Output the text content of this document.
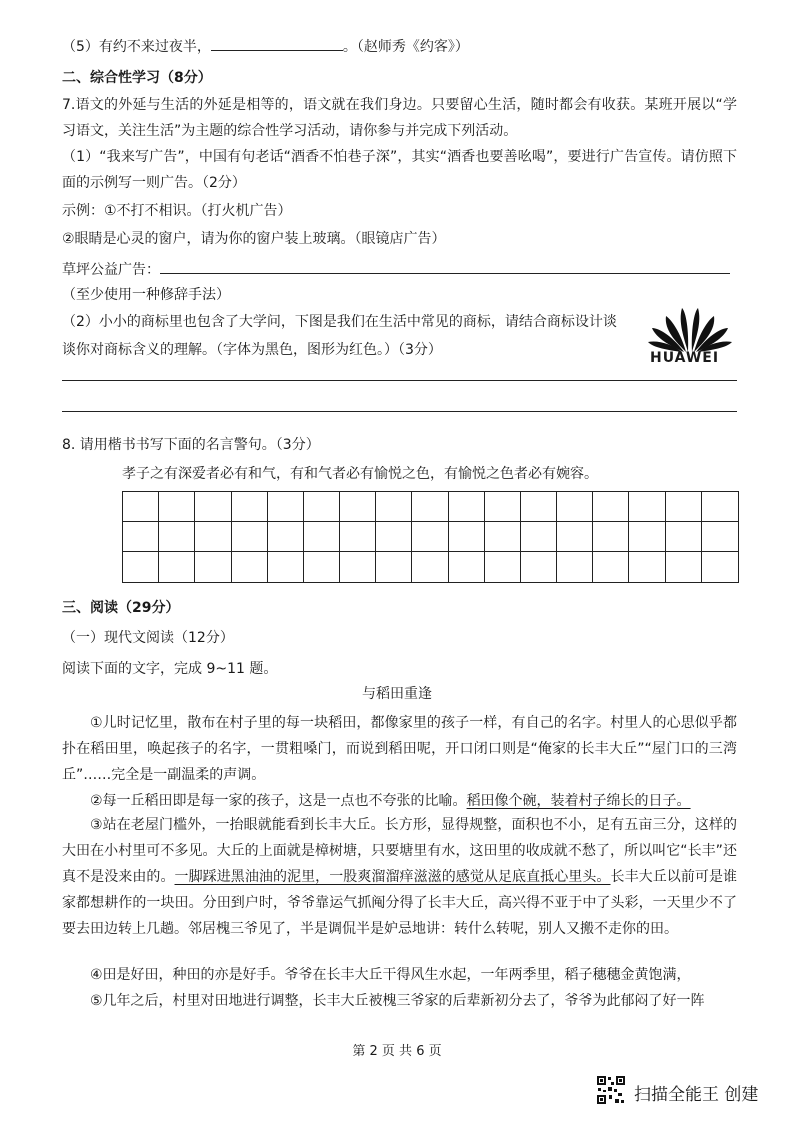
（5）有约不来过夜半，	。（赵师秀《约客》）
二、综合性学习（8分）
7.语文的外延与生活的外延是相等的，语文就在我们身边。只要留心生活，随时都会有收获。某班开展以“学习语文，关注生活”为主题的综合性学习活动，请你参与并完成下列活动。
（1）“我来写广告”，中国有句老话“酒香不怕巷子深”，其实“酒香也要善吆喝”，要进行广告宣传。请仿照下面的示例写一则广告。（2分）
示例：①不打不相识。（打火机广告）
②眼睛是心灵的窗户，请为你的窗户装上玻璃。（眼镜店广告）
草坪公益广告：
（至少使用一种修辞手法）
（2）小小的商标里也包含了大学问，下图是我们在生活中常见的商标，请结合商标设计谈
谈你对商标含义的理解。（字体为黑色，图形为红色。）（3分）	HUAWEI
8. 请用楷书书写下面的名言警句。（3分）
孝子之有深爱者必有和气，有和气者必有愉悦之色，有愉悦之色者必有婉容。
三、阅读（29分）
（一）现代文阅读（12分）
阅读下面的文字，完成 9~11 题。
与稻田重逢
①儿时记忆里，散布在村子里的每一块稻田，都像家里的孩子一样，有自己的名字。村里人的心思似乎都扑在稻田里，唤起孩子的名字，一贯粗嗓门，而说到稻田呢，开口闭口则是“俺家的长丰大丘”“屋门口的三湾丘”……完全是一副温柔的声调。
②每一丘稻田即是每一家的孩子，这是一点也不夸张的比喻。稻田像个碗，装着村子绵长的日子。
③站在老屋门槛外，一抬眼就能看到长丰大丘。长方形，显得规整，面积也不小，足有五亩三分，这样的大田在小村里可不多见。大丘的上面就是樟树塘，只要塘里有水，这田里的收成就不愁了，所以叫它“长丰”还真不是没来由的。一脚踩进黑油油的泥里，一股爽溜溜痒滋滋的感觉从足底直抵心里头。长丰大丘以前可是谁家都想耕作的一块田。分田到户时，爷爷靠运气抓阄分得了长丰大丘，高兴得不亚于中了头彩，一天里少不了要去田边转上几趟。邻居槐三爷见了，半是调侃半是妒忌地讲：转什么转呢，别人又搬不走你的田。
④田是好田，种田的亦是好手。爷爷在长丰大丘干得风生水起，一年两季里，稻子穗穗金黄饱满，
⑤几年之后，村里对田地进行调整，长丰大丘被槐三爷家的后辈新初分去了，爷爷为此郁闷了好一阵
第 2 页 共 6 页
扫描全能王 创建
